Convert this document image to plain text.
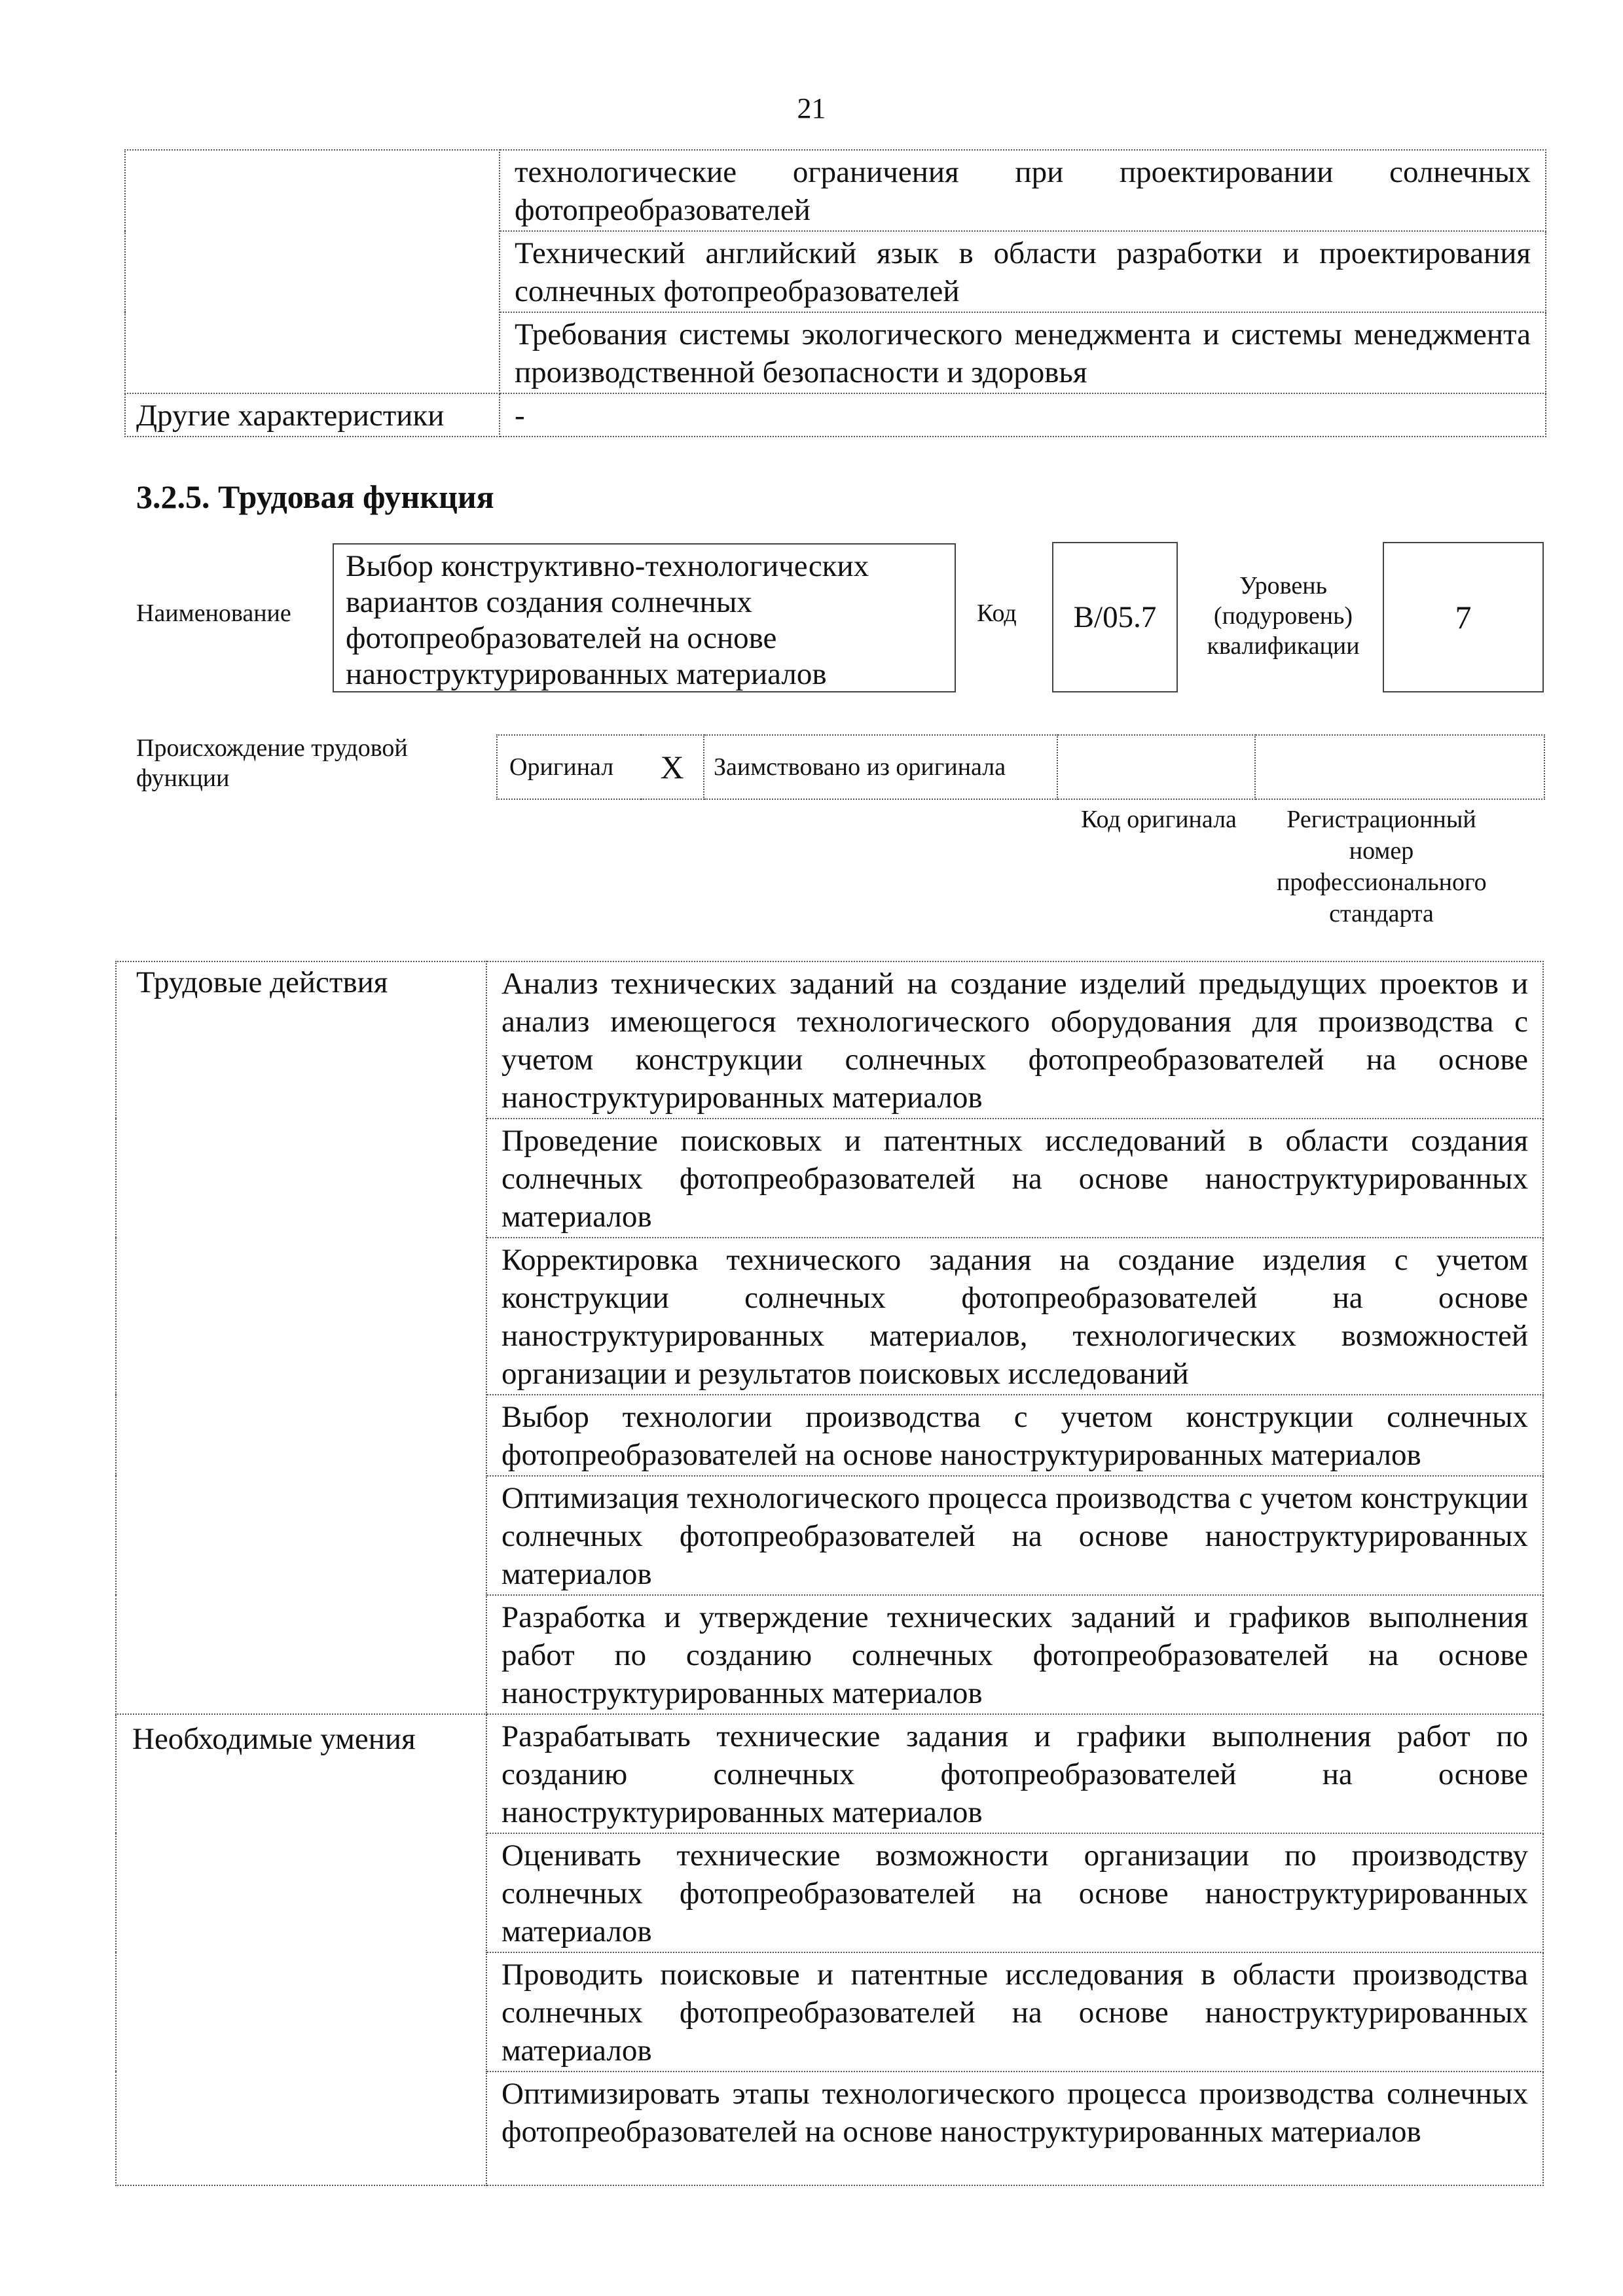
21

	технологические ограничения при проектировании солнечных фотопреобразователей

	Технический английский язык в области разработки и проектирования солнечных фотопреобразователей

	Требования системы экологического менеджмента и системы менеджмента производственной безопасности и здоровья

Другие характеристики	-
3.2.5. Трудовая функция
Наименование
Выбор конструктивно-технологических вариантов создания солнечных фотопреобразователей на основе наноструктурированных материалов
Код	B/05.7
Уровень (подуровень) квалификации
7
Происхождение трудовой функции	Оригинал	X	Заимствовано из оригинала

Код оригинала	Регистрационный номер профессионального стандарта
Трудовые действия	Анализ технических заданий на создание изделий предыдущих проектов и анализ имеющегося технологического оборудования для производства с учетом конструкции солнечных фотопреобразователей на основе наноструктурированных материалов

	Проведение поисковых и патентных исследований в области создания солнечных фотопреобразователей на основе наноструктурированных материалов

	Корректировка технического задания на создание изделия с учетом конструкции солнечных фотопреобразователей на основе наноструктурированных материалов, технологических возможностей организации и результатов поисковых исследований

	Выбор технологии производства с учетом конструкции солнечных фотопреобразователей на основе наноструктурированных материалов

	Оптимизация технологического процесса производства с учетом конструкции солнечных фотопреобразователей на основе наноструктурированных материалов

	Разработка и утверждение технических заданий и графиков выполнения работ по созданию солнечных фотопреобразователей на основе наноструктурированных материалов

Необходимые умения	Разрабатывать технические задания и графики выполнения работ по созданию солнечных фотопреобразователей на основе наноструктурированных материалов

	Оценивать технические возможности организации по производству солнечных фотопреобразователей на основе наноструктурированных материалов

	Проводить поисковые и патентные исследования в области производства солнечных фотопреобразователей на основе наноструктурированных материалов

	Оптимизировать этапы технологического процесса производства солнечных фотопреобразователей на основе наноструктурированных материалов
